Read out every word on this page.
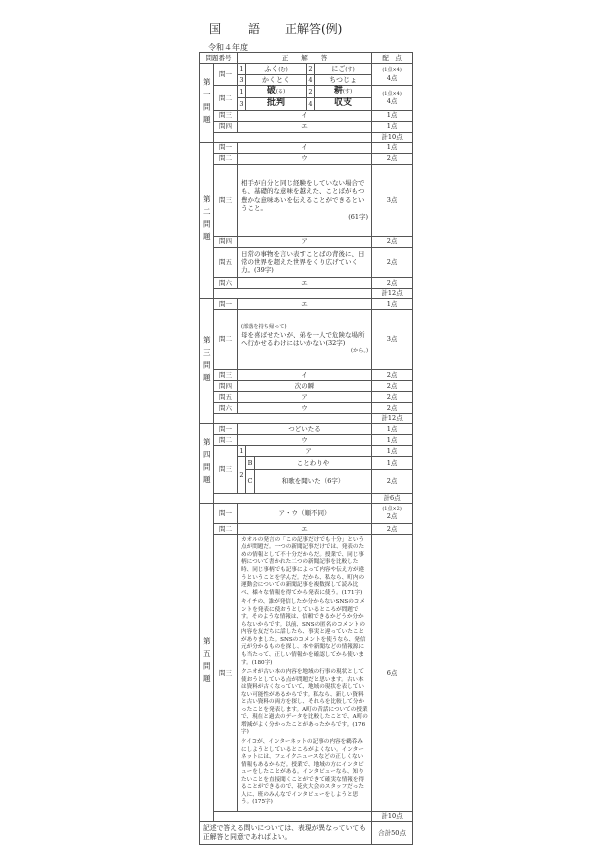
国 語 正解答(例)
令和４年度
問題番号		正　　解　　答					配　点
第一問題	問一	1	ふく(む)		2	にご(す)	(1点×4)
4点
		3	かくとく		4	ちつじょ	
	問二	1	破(る)		2	耕(す)	(1点×4)
4点
		3	批判		4	収支	
	問三	イ					1点
	問四	エ					1点
							計10点
第二問題	問一	イ					1点
	問二	ウ					2点
	問三	相手が自分と同じ経験をしていない場合でも、基礎的な意味を越えた、ことばがもつ豊かな意味あいを伝えることができるということ。
(61字)					3点
	問四	ア					2点
	問五	日常の事物を言い表すことばの背後に、日常の世界を超えた世界をくり広げていく力。(39字)					2点
	問六	エ					2点
							計12点
第三問題	問一	エ					1点
	問二	(部落を持ち帰って)
母を喜ばせたいが、弟を一人で危険な場所へ行かせるわけにはいかない(32字)
(から。)					3点
	問三	イ					2点
	問四	次の瞬					2点
	問五	ア					2点
	問六	ウ					2点
							計12点
第四問題	問一	つどいたる					1点
	問二	ウ					1点
	問三	1	ア				1点
		2	B	ことわりや			1点
			C	和歌を聞いた（6字）			2点
							計6点
第五問題	問一	ア・ウ（順不同）					(1点×2)
2点
	問二	エ					2点
	問三	カオルの発言の「この記事だけでも十分」という点が問題だ。一つの新聞記事だけでは、発表のための情報として不十分だからだ。授業で、同じ事柄について書かれた二つの新聞記事を比較した時、同じ事柄でも記事によって内容や伝え方が違うということを学んだ。だから、私なら、町内の運動会についての新聞記事を複数探して読み比べ、様々な情報を得てから発表に使う。(171字)

キイチの、誰が発信したか分からないSNSのコメントを発表に使おうとしているところが問題です。そのような情報は、信頼できるかどうか分からないからです。以前、SNSの匿名のコメントの内容を友だちに話したら、事実と違っていたことがありました。SNSのコメントを使うなら、発信元が分かるものを探し、本や新聞などの情報源にも当たって、正しい情報かを確認してから使います。(180字)

クニオが古い本の内容を地域の行事の現状として使おうとしている点が問題だと思います。古い本は資料が古くなっていて、地域の現状を表していない可能性があるからです。私なら、新しい資料と古い資料の両方を探し、それらを比較して分かったことを発表します。A町の昔話についての授業で、現在と過去のデータを比較したことで、A町の増減がよく分かったことがあったからです。(176字)

ケイコが、インターネットの記事の内容を鵜呑みにしようとしているところがよくない。インターネットには、フェイクニュースなどの正しくない情報もあるからだ。授業で、地域の方にインタビューをしたことがある。インタビューなら、知りたいことを直接聞くことができて確実な情報を得ることができるので、花火大会のスタッフだった人に、班のみんなでインタビューをしようと思う。(175字)					6点
							計10点
記述で答える問いについては、表現が異なっていても正解答と同意であればよい。							合計50点
